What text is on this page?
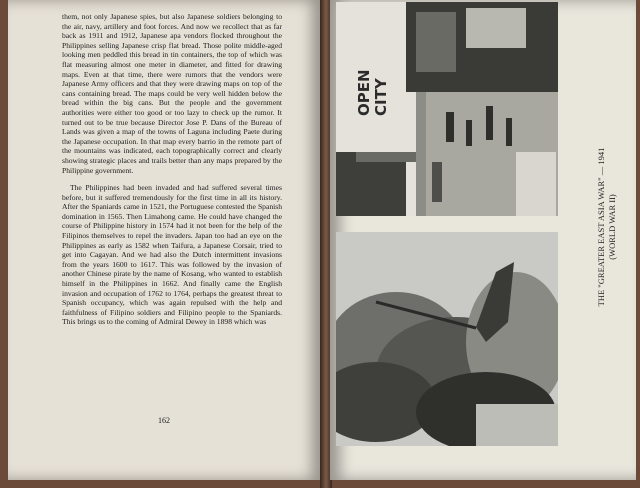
them, not only Japanese spies, but also Japanese soldiers belonging to the air, navy, artillery and foot forces. And now we recollect that as far back as 1911 and 1912, Japanese apa vendors flocked throughout the Philippines selling Japanese crisp flat bread. Those polite middle-aged looking men peddled this bread in tin containers, the top of which was flat measuring almost one meter in diameter, and fitted for drawing maps. Even at that time, there were rumors that the vendors were Japanese Army officers and that they were drawing maps on top of the cans containing bread. The maps could be very well hidden below the bread within the big cans. But the people and the government authorities were either too good or too lazy to check up the rumor. It turned out to be true because Director Jose P. Dans of the Bureau of Lands was given a map of the towns of Laguna including Paete during the Japanese occupation. In that map every barrio in the remote part of the mountains was indicated, each topographically correct and clearly showing strategic places and trails better than any maps prepared by the Philippine government.

The Philippines had been invaded and had suffered several times before, but it suffered tremendously for the first time in all its history. After the Spaniards came in 1521, the Portuguese contested the Spanish domination in 1565. Then Limahong came. He could have changed the course of Philippine history in 1574 had it not been for the help of the Filipinos themselves to repel the invaders. Japan too had an eye on the Philippines as early as 1582 when Taifura, a Japanese Corsair, tried to get into Cagayan. And we had also the Dutch intermittent invasions from the years 1600 to 1617. This was followed by the invasion of another Chinese pirate by the name of Kosang, who wanted to establish himself in the Philippines in 1662. And finally came the English invasion and occupation of 1762 to 1764, perhaps the greatest threat to Spanish occupancy, which was again repulsed with the help and faithfulness of Filipino soldiers and Filipino people to the Spaniards. This brings us to the coming of Admiral Dewey in 1898 which was

162
OPEN CITY
THE "GREATER EAST ASIA WAR" — 1941 (WORLD WAR II)
